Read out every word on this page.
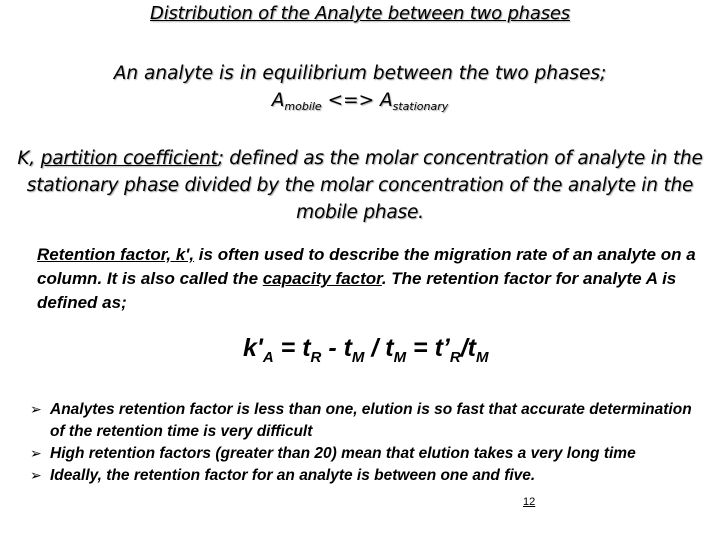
Distribution of the Analyte between two phases
An analyte is in equilibrium between the two phases;
$A_{mobile}$ <=> $A_{stationary}$
K, partition coefficient; defined as the molar concentration of analyte in the stationary phase divided by the molar concentration of the analyte in the mobile phase.
Retention factor, k', is often used to describe the migration rate of an analyte on a column. It is also called the capacity factor. The retention factor for analyte A is defined as;
$k'_A = t_R - t_M / t_M$ = $t’_R/t_M$
➢ Analytes retention factor is less than one, elution is so fast that accurate determination of the retention time is very difficult
➢ High retention factors (greater than 20) mean that elution takes a very long time
➢ Ideally, the retention factor for an analyte is between one and five.
12
